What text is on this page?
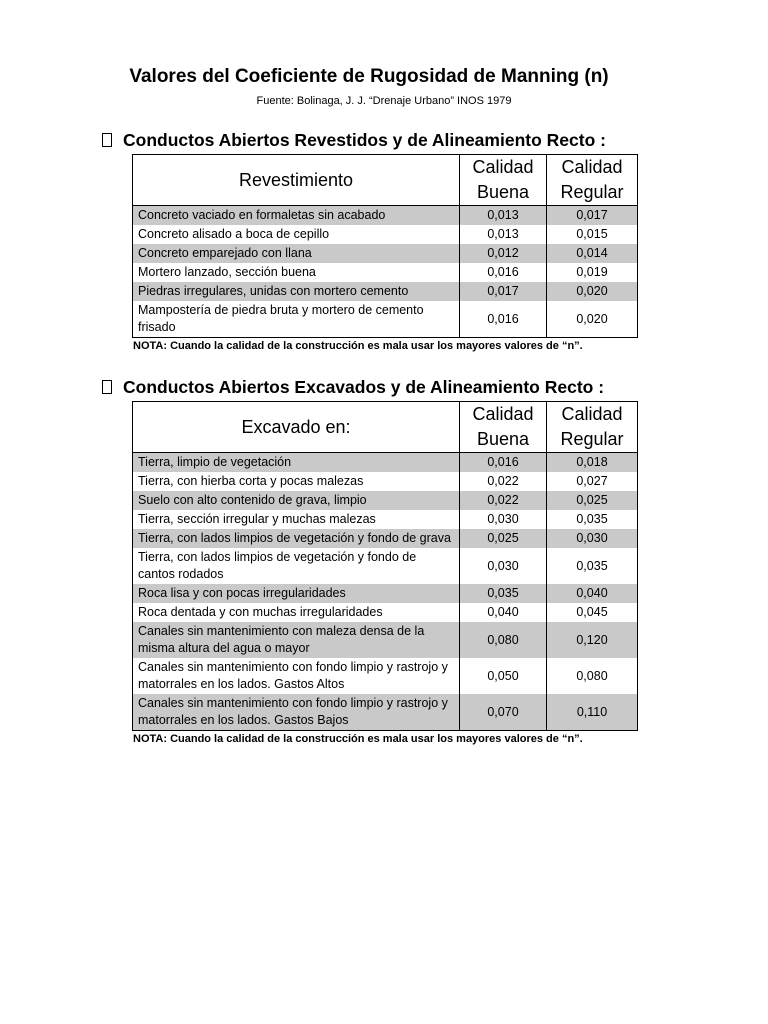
Valores del Coeficiente de Rugosidad de Manning (n)
Fuente: Bolinaga, J. J. “Drenaje Urbano” INOS 1979
Conductos Abiertos Revestidos y de Alineamiento Recto :
Revestimiento	Calidad Buena	Calidad Regular
Concreto vaciado en formaletas sin acabado	0,013	0,017
Concreto alisado a boca de cepillo	0,013	0,015
Concreto emparejado con llana	0,012	0,014
Mortero lanzado, sección buena	0,016	0,019
Piedras irregulares, unidas con mortero cemento	0,017	0,020
Mampostería de piedra bruta y mortero de cemento frisado	0,016	0,020
NOTA: Cuando la calidad de la construcción es mala usar los mayores valores de “n”.
Conductos Abiertos Excavados y de Alineamiento Recto :
Excavado en:	Calidad Buena	Calidad Regular
Tierra, limpio de vegetación	0,016	0,018
Tierra, con hierba corta y pocas malezas	0,022	0,027
Suelo con alto contenido de grava, limpio	0,022	0,025
Tierra, sección irregular y muchas malezas	0,030	0,035
Tierra, con lados limpios de vegetación y fondo de grava	0,025	0,030
Tierra, con lados limpios de vegetación y fondo de cantos rodados	0,030	0,035
Roca lisa y con pocas irregularidades	0,035	0,040
Roca dentada y con muchas irregularidades	0,040	0,045
Canales sin mantenimiento con maleza densa de la misma altura del agua o mayor	0,080	0,120
Canales sin mantenimiento con fondo limpio y rastrojo y matorrales en los lados. Gastos Altos	0,050	0,080
Canales sin mantenimiento con fondo limpio y rastrojo y matorrales en los lados. Gastos Bajos	0,070	0,110
NOTA: Cuando la calidad de la construcción es mala usar los mayores valores de “n”.
